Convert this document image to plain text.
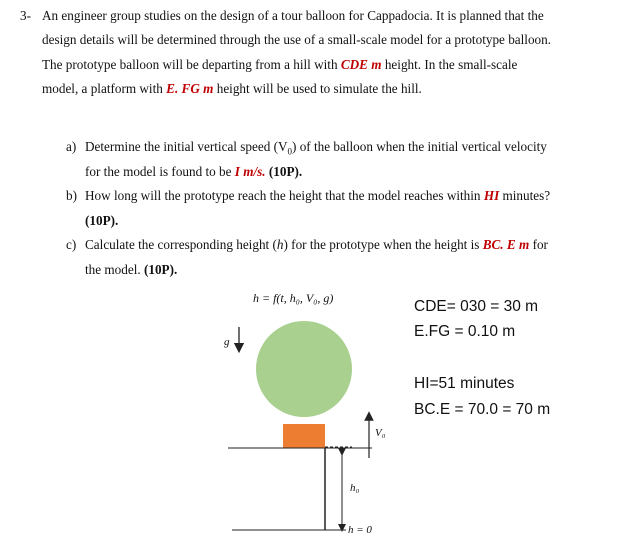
3- An engineer group studies on the design of a tour balloon for Cappadocia. It is planned that the
design details will be determined through the use of a small-scale model for a prototype balloon.
The prototype balloon will be departing from a hill with CDE m height. In the small-scale
model, a platform with E. FG m height will be used to simulate the hill.
a) Determine the initial vertical speed $(V_0)$ of the balloon when the initial vertical velocity
for the model is found to be I m/s. (10P).
b) How long will the prototype reach the height that the model reaches within HI minutes?
(10P).
c) Calculate the corresponding height (h) for the prototype when the height is BC. E m for
the model. (10P).
h = f(t, h₀, V₀, g)
g
V₀
h₀
h = 0
CDE= 030 = 30 m
E.FG = 0.10 m
HI=51 minutes
BC.E = 70.0 = 70 m
